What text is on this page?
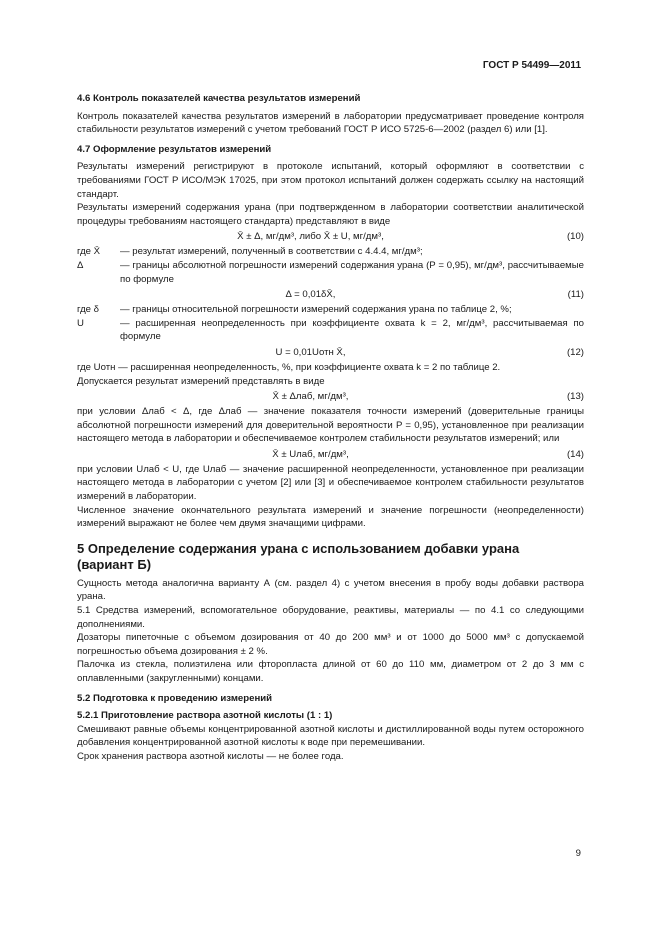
ГОСТ Р 54499—2011
4.6 Контроль показателей качества результатов измерений

Контроль показателей качества результатов измерений в лаборатории предусматривает проведение контроля стабильности результатов измерений с учетом требований ГОСТ Р ИСО 5725-6—2002 (раздел 6) или [1].

4.7 Оформление результатов измерений

Результаты измерений регистрируют в протоколе испытаний, который оформляют в соответствии с требованиями ГОСТ Р ИСО/МЭК 17025, при этом протокол испытаний должен содержать ссылку на настоящий стандарт.

Результаты измерений содержания урана (при подтвержденном в лаборатории соответствии аналитической процедуры требованиям настоящего стандарта) представляют в виде

X̄ ± Δ, мг/дм³, либо X̄ ± U, мг/дм³,	(10)
где X̄	— результат измерений, полученный в соответствии с 4.4.4, мг/дм³;
Δ	— границы абсолютной погрешности измерений содержания урана (P = 0,95), мг/дм³, рассчитываемые по формуле
Δ = 0,01δX̄,	(11)
где δ	— границы относительной погрешности измерений содержания урана по таблице 2, %;
U	— расширенная неопределенность при коэффициенте охвата k = 2, мг/дм³, рассчитываемая по формуле
U = 0,01Uотн X̄,	(12)

где Uотн — расширенная неопределенность, %, при коэффициенте охвата k = 2 по таблице 2.

Допускается результат измерений представлять в виде

X̄ ± Δлаб, мг/дм³,	(13)

при условии Δлаб < Δ, где Δлаб — значение показателя точности измерений (доверительные границы абсолютной погрешности измерений для доверительной вероятности P = 0,95), установленное при реализации настоящего метода в лаборатории и обеспечиваемое контролем стабильности результатов измерений; или

X̄ ± Uлаб, мг/дм³,	(14)

при условии Uлаб < U, где Uлаб — значение расширенной неопределенности, установленное при реализации настоящего метода в лаборатории с учетом [2] или [3] и обеспечиваемое контролем стабильности результатов измерений в лаборатории.

Численное значение окончательного результата измерений и значение погрешности (неопределенности) измерений выражают не более чем двумя значащими цифрами.

5 Определение содержания урана с использованием добавки урана
(вариант Б)

Сущность метода аналогична варианту А (см. раздел 4) с учетом внесения в пробу воды добавки раствора урана.

5.1 Средства измерений, вспомогательное оборудование, реактивы, материалы — по 4.1 со следующими дополнениями.

Дозаторы пипеточные с объемом дозирования от 40 до 200 мм³ и от 1000 до 5000 мм³ с допускаемой погрешностью объема дозирования ± 2 %.

Палочка из стекла, полиэтилена или фторопласта длиной от 60 до 110 мм, диаметром от 2 до 3 мм с оплавленными (закругленными) концами.

5.2 Подготовка к проведению измерений
5.2.1 Приготовление раствора азотной кислоты (1 : 1)

Смешивают равные объемы концентрированной азотной кислоты и дистиллированной воды путем осторожного добавления концентрированной азотной кислоты к воде при перемешивании.

Срок хранения раствора азотной кислоты — не более года.

9
